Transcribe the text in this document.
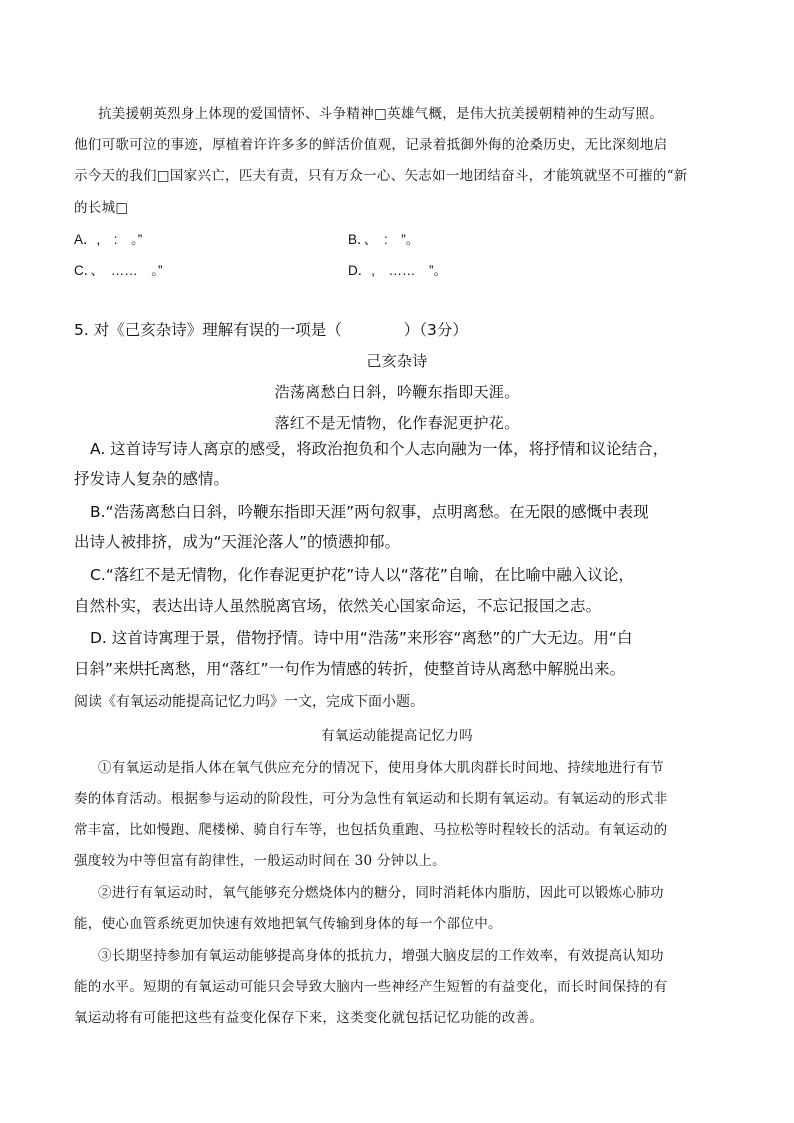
抗美援朝英烈身上体现的爱国情怀、斗争精神□英雄气概，是伟大抗美援朝精神的生动写照。
他们可歌可泣的事迹，厚植着许许多多的鲜活价值观，记录着抵御外侮的沧桑历史，无比深刻地启
示今天的我们□国家兴亡，匹夫有责，只有万众一心、矢志如一地团结奋斗，才能筑就坚不可摧的“新
的长城□
A．,　:　。”	B．、　:　”。
C．、　……　。”	D．,　……　”。
5. 对《己亥杂诗》理解有误的一项是（　　　　）（3分）
己亥杂诗
浩荡离愁白日斜，吟鞭东指即天涯。
落红不是无情物，化作春泥更护花。
A. 这首诗写诗人离京的感受，将政治抱负和个人志向融为一体，将抒情和议论结合，
抒发诗人复杂的感情。
B.“浩荡离愁白日斜，吟鞭东指即天涯”两句叙事，点明离愁。在无限的感慨中表现
出诗人被排挤，成为“天涯沦落人”的愤懑抑郁。
C.“落红不是无情物，化作春泥更护花”诗人以“落花”自喻，在比喻中融入议论，
自然朴实，表达出诗人虽然脱离官场，依然关心国家命运，不忘记报国之志。
D. 这首诗寓理于景，借物抒情。诗中用“浩荡”来形容“离愁”的广大无边。用“白
日斜”来烘托离愁，用“落红”一句作为情感的转折，使整首诗从离愁中解脱出来。
阅读《有氧运动能提高记忆力吗》一文，完成下面小题。
有氧运动能提高记忆力吗
①有氧运动是指人体在氧气供应充分的情况下，使用身体大肌肉群长时间地、持续地进行有节
奏的体育活动。根据参与运动的阶段性，可分为急性有氧运动和长期有氧运动。有氧运动的形式非
常丰富，比如慢跑、爬楼梯、骑自行车等，也包括负重跑、马拉松等时程较长的活动。有氧运动的
强度较为中等但富有韵律性，一般运动时间在 30 分钟以上。
②进行有氧运动时，氧气能够充分燃烧体内的糖分，同时消耗体内脂肪，因此可以锻炼心肺功
能，使心血管系统更加快速有效地把氧气传输到身体的每一个部位中。
③长期坚持参加有氧运动能够提高身体的抵抗力，增强大脑皮层的工作效率，有效提高认知功
能的水平。短期的有氧运动可能只会导致大脑内一些神经产生短暂的有益变化，而长时间保持的有
氧运动将有可能把这些有益变化保存下来，这类变化就包括记忆功能的改善。
